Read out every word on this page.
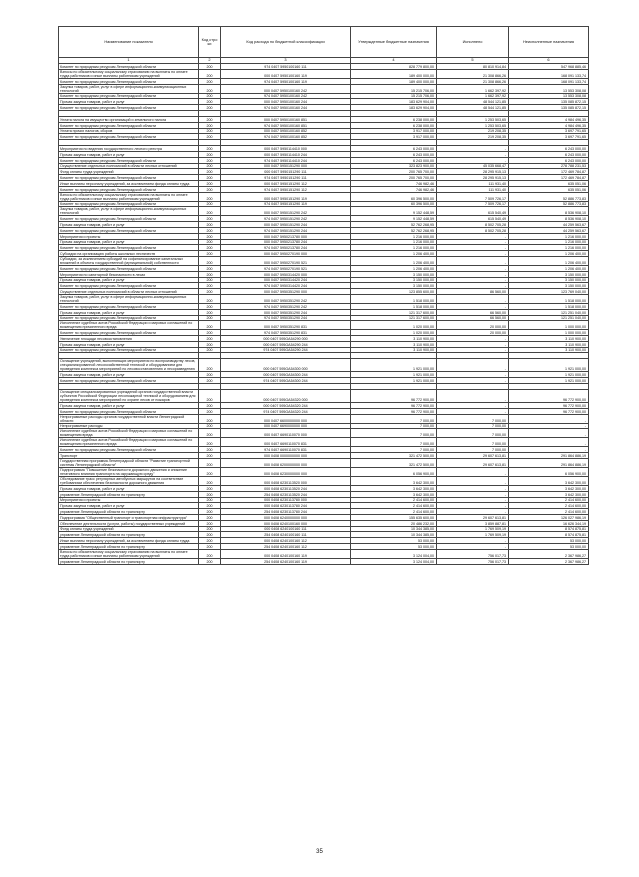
Наименование показателя	Код стро ки	Код расхода по бюджетной классификации	Утвержденные бюджетные назначения	Исполнено	Неисполненные назначения
1	2	3	4	5	6
Комитет по природным ресурсам Ленинградской области	200	974 0407 5950100160 111	828 779 800,00	80 810 914,84	547 968 885,46
Взносы по обязательному социальному страхованию на выплаты по оплате труда работников и иные выплаты работникам учреждений	200	000 0407 5950100160 119	189 400 000,00	21 308 866,26	168 091 133,74
Комитет по природным ресурсам Ленинградской области	200	974 0407 5950100160 119	189 400 000,00	21 308 866,26	168 091 133,74
Закупка товаров, работ, услуг в сфере информационно-коммуникационных технологий	200	000 0407 5950100160 242	15 215 706,00	1 662 397,92	13 553 308,08
Комитет по природным ресурсам Ленинградской области	200	974 0407 5950100160 242	15 215 706,00	1 662 397,92	13 553 308,08
Прочая закупка товаров, работ и услуг	200	000 0407 5950100160 244	183 629 904,00	48 544 121,85	135 085 872,15
Комитет по природным ресурсам Ленинградской области	200	974 0407 5950100160 244	183 629 904,00	48 544 121,85	135 085 872,15

Уплата налога на имущество организаций и земельного налога	200	000 0407 5950100160 851	6 238 000,00	1 253 503,65	4 984 496,35
Комитет по природным ресурсам Ленинградской области	200	974 0407 5950100160 851	6 238 000,00	1 253 503,65	4 984 496,35
Уплата прочих налогов, сборов	200	000 0407 5950100160 852	3 917 000,00	219 208,35	3 697 791,65
Комитет по природным ресурсам Ленинградской области	200	974 0407 5950100160 852	3 917 000,00	219 208,35	3 697 791,65

Мероприятия по ведению государственного лесного реестра	200	000 0407 5950114410 000	6 243 000,00	-	6 243 000,00
Прочая закупка товаров, работ и услуг	200	000 0407 5950114410 244	6 243 000,00	-	6 243 000,00
Комитет по природным ресурсам Ленинградской области	200	974 0407 5950114410 244	6 243 000,00	-	6 243 000,00
Осуществление отдельных полномочий в области лесных отношений	200	000 0407 5950151290 000	323 823 900,00	45 035 668,47	278 788 231,53
Фонд оплаты труда учреждений	200	000 0407 5950151290 111	200 765 700,00	28 295 915,13	172 469 784,87
Комитет по природным ресурсам Ленинградской области	200	974 0407 5950151290 111	200 765 700,00	28 295 915,13	172 469 784,87
Иные выплаты персоналу учреждений, за исключением фонда оплаты труда	200	000 0407 5950151290 112	746 982,46	111 931,40	635 051,06
Комитет по природным ресурсам Ленинградской области	200	974 0407 5950151290 112	746 982,46	111 931,40	635 051,06
Взносы по обязательному социальному страхованию на выплаты по оплате труда работников и иные выплаты работникам учреждений	200	000 0407 5950151290 119	60 396 500,00	7 509 726,17	52 886 773,83
Комитет по природным ресурсам Ленинградской области	200	974 0407 5950151290 119	60 396 500,00	7 509 726,17	52 886 773,83
Закупка товаров, работ, услуг в сфере информационно-коммуникационных технологий	200	000 0407 5950151290 242	9 152 448,59	615 540,49	8 536 908,10
Комитет по природным ресурсам Ленинградской области	200	974 0407 5950151290 242	9 152 448,59	615 540,49	8 536 908,10
Прочая закупка товаров, работ и услуг	200	000 0407 5950151290 244	52 762 268,95	8 502 705,28	44 259 563,67
Комитет по природным ресурсам Ленинградской области	200	974 0407 5950151290 244	52 762 268,95	8 502 705,28	44 259 563,67
Мероприятия и проекты	200	000 0407 5950213780 000	1 216 000,00	-	1 216 000,00
Прочая закупка товаров, работ и услуг	200	000 0407 5950213780 244	1 216 000,00	-	1 216 000,00
Комитет по природным ресурсам Ленинградской области	200	974 0407 5950213780 244	1 216 000,00	-	1 216 000,00
Субсидии на организацию работы школьных лесничеств	200	000 0407 5950270190 000	1 206 400,00	-	1 206 400,00
Субсидии, за исключением субсидий на софинансирование капитальных вложений в объекты государственной (муниципальной) собственности	200	000 0407 5950270190 521	1 206 400,00	-	1 206 400,00
Комитет по природным ресурсам Ленинградской области	200	974 0407 5950270190 521	1 206 400,00	-	1 206 400,00
Мероприятия по санитарной безопасности в лесах	200	000 0407 5950314420 000	3 150 000,00	-	3 150 000,00
Прочая закупка товаров, работ и услуг	200	000 0407 5950314420 244	3 150 000,00	-	3 150 000,00
Комитет по природным ресурсам Ленинградской области	200	974 0407 5950314420 244	3 150 000,00	-	3 150 000,00
Осуществление отдельных полномочий в области лесных отношений	200	000 0407 5950351290 000	123 855 600,00	86 560,00	123 769 040,00
Закупка товаров, работ, услуг в сфере информационно-коммуникационных технологий	200	000 0407 5950351290 242	1 518 000,00	-	1 518 000,00
Комитет по природным ресурсам Ленинградской области	200	974 0407 5950351290 242	1 518 000,00	-	1 518 000,00
Прочая закупка товаров, работ и услуг	200	000 0407 5950351290 244	121 317 600,00	66 560,00	121 251 040,00
Комитет по природным ресурсам Ленинградской области	200	974 0407 5950351290 244	121 317 600,00	66 560,00	121 251 040,00
Исполнение судебных актов Российской Федерации и мировых соглашений по возмещению причиненного вреда	200	000 0407 5950351290 831	1 020 000,00	20 000,00	1 000 000,00
Комитет по природным ресурсам Ленинградской области	200	974 0407 5950351290 831	1 020 000,00	20 000,00	1 000 000,00
Увеличение площади лесовосстановления	200	000 0407 595GA54290 000	3 110 900,00	-	3 110 900,00
Прочая закупка товаров, работ и услуг	200	000 0407 595GA54290 244	3 110 900,00	-	3 110 900,00
Комитет по природным ресурсам Ленинградской области	200	974 0407 595GA54290 244	3 110 900,00	-	3 110 900,00

Оснащение учреждений, выполняющих мероприятия по воспроизводству лесов, специализированной лесохозяйственной техникой и оборудованием для проведения комплекса мероприятий по лесовосстановлению и лесоразведению	200	000 0407 595GA54300 000	1 921 000,00	-	1 921 000,00
Прочая закупка товаров, работ и услуг	200	000 0407 595GA54300 244	1 921 000,00	-	1 921 000,00
Комитет по природным ресурсам Ленинградской области	200	974 0407 595GA54300 244	1 921 000,00	-	1 921 000,00

Оснащение специализированных учреждений органов государственной власти субъектов Российской Федерации лесопожарной техникой и оборудованием для проведения комплекса мероприятий по охране лесов от пожаров	200	000 0407 595GA54320 000	96 772 900,00	-	96 772 900,00
Прочая закупка товаров, работ и услуг	200	000 0407 595GA54320 244	96 772 900,00	-	96 772 900,00
Комитет по природным ресурсам Ленинградской области	200	974 0407 595GA54320 244	96 772 900,00	-	96 772 900,00
Непрограммные расходы органов государственной власти Ленинградской области	200	000 0407 6600000000 000	7 000,00	7 000,00	-
Непрограммные расходы	200	000 0407 6690000000 000	7 000,00	7 000,00	-
Исполнение судебных актов Российской Федерации и мировых соглашений по возмещению вреда	200	000 0407 6690110070 000	7 000,00	7 000,00	-
Исполнение судебных актов Российской Федерации и мировых соглашений по возмещению причиненного вреда	200	000 0407 6690110070 831	7 000,00	7 000,00	-
Комитет по природным ресурсам Ленинградской области	200	974 0407 6690110070 831	7 000,00	7 000,00	-
Транспорт	200	000 0408 0000000000 000	321 472 500,00	29 607 613,81	291 864 886,19
Государственная программа Ленинградской области "Развитие транспортной системы Ленинградской области"	200	000 0408 6200000000 000	321 472 500,00	29 607 613,81	291 864 886,19
Подпрограмма "Повышение безопасности дорожного движения и снижение негативного влияния транспорта на окружающую среду"	200	000 0408 6230000000 000	6 056 900,00	-	6 056 900,00
Обследование трасс регулярных автобусных маршрутов на соответствие требованиям обеспечения безопасности дорожного движения	200	000 0408 6230113520 000	3 642 300,00	-	3 642 300,00
Прочая закупка товаров, работ и услуг	200	000 0408 6230113520 244	3 642 300,00	-	3 642 300,00
управление Ленинградской области по транспорту	200	254 0408 6230113520 244	3 642 300,00	-	3 642 300,00
Мероприятия и проекты	200	000 0408 6230113780 000	2 414 600,00	-	2 414 600,00
Прочая закупка товаров, работ и услуг	200	000 0408 6230113780 244	2 414 600,00	-	2 414 600,00
управление Ленинградской области по транспорту	200	254 0408 6230113780 244	2 414 600,00	-	2 414 600,00
Подпрограмма "Общественный транспорт и транспортная инфраструктура"	200	000 0408 6240000000 000	155 635 600,00	29 607 613,81	126 027 986,19
Обеспечение деятельности (услуги, работы) государственных учреждений	200	000 0408 6240100160 000	20 486 232,00	3 859 887,81	16 626 344,19
Фонд оплаты труда учреждений	200	000 0408 6240100160 111	10 344 385,00	1 769 509,19	8 574 875,81
управление Ленинградской области по транспорту	200	254 0408 6240100160 111	10 344 385,00	1 769 509,19	8 574 875,81
Иные выплаты персоналу учреждений, за исключением фонда оплаты труда	200	000 0408 6240100160 112	53 000,00	-	53 000,00
управление Ленинградской области по транспорту	200	254 0408 6240100160 112	53 000,00	-	53 000,00
Взносы по обязательному социальному страхованию на выплаты по оплате труда работников и иные выплаты работникам учреждений	200	000 0408 6240100160 119	3 124 004,00	756 017,73	2 367 986,27
управление Ленинградской области по транспорту	200	254 0408 6240100160 119	3 124 004,00	756 017,73	2 367 986,27
35
